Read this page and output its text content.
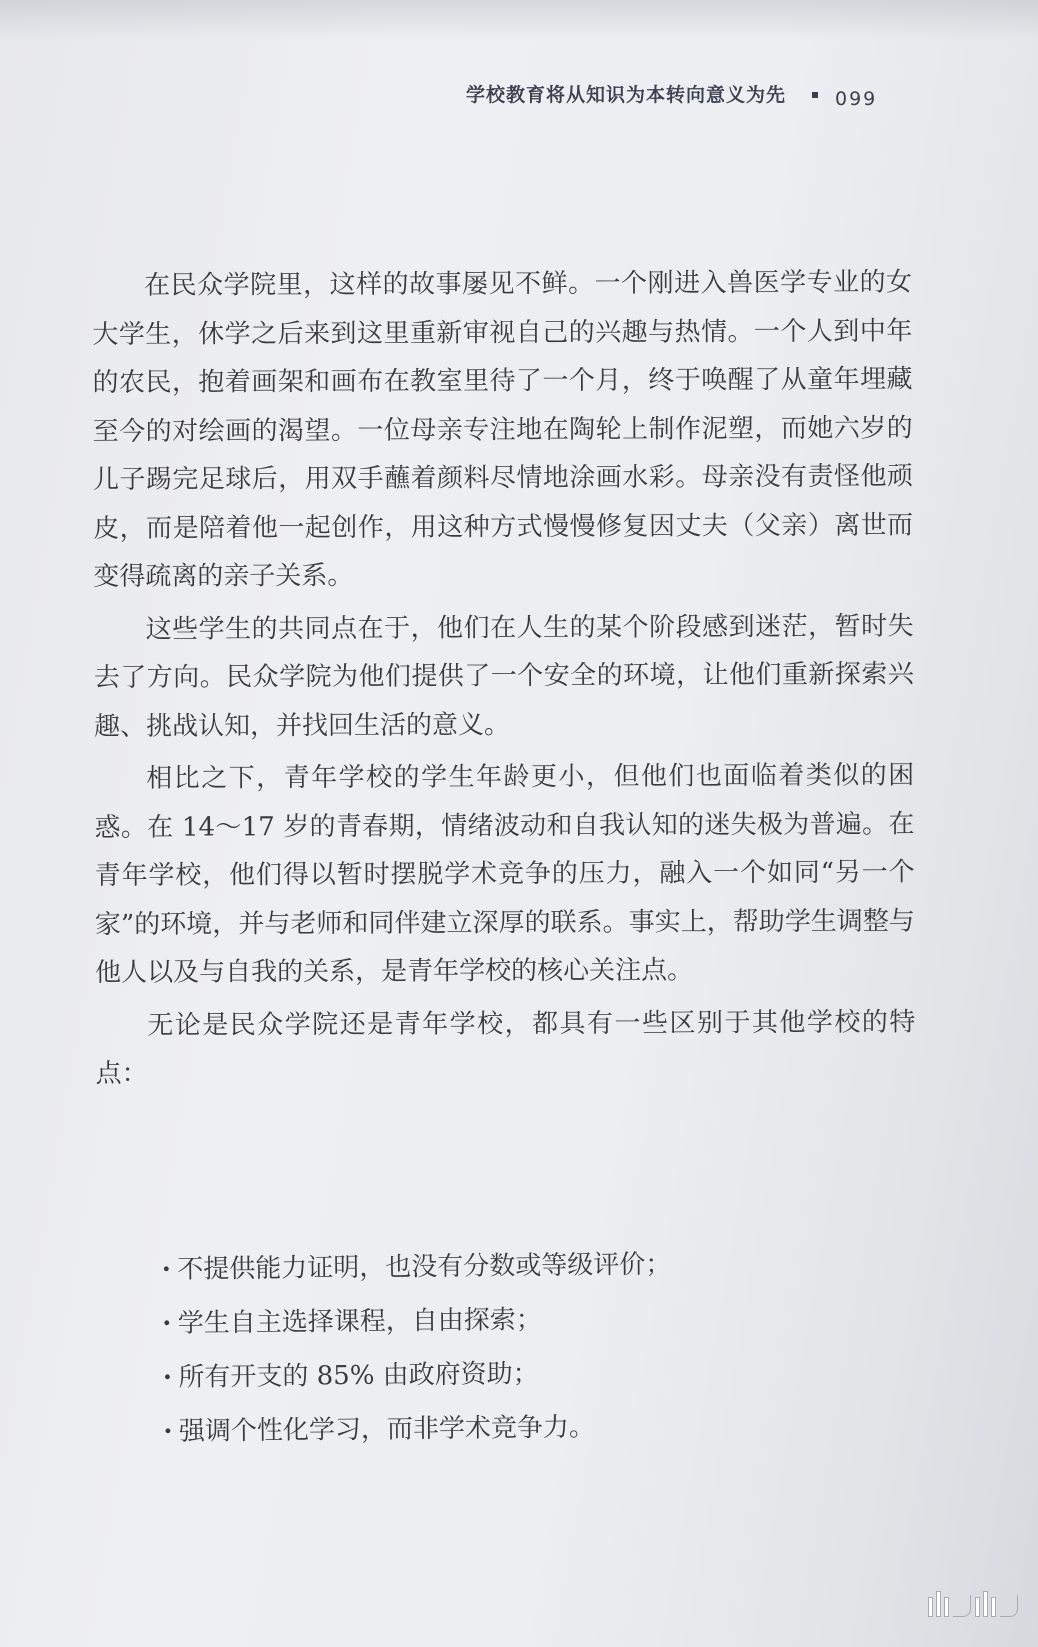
学校教育将从知识为本转向意义为先	099

在民众学院里，这样的故事屡见不鲜。一个刚进入兽医学专业的女大学生，休学之后来到这里重新审视自己的兴趣与热情。一个人到中年的农民，抱着画架和画布在教室里待了一个月，终于唤醒了从童年埋藏至今的对绘画的渴望。一位母亲专注地在陶轮上制作泥塑，而她六岁的儿子踢完足球后，用双手蘸着颜料尽情地涂画水彩。母亲没有责怪他顽皮，而是陪着他一起创作，用这种方式慢慢修复因丈夫（父亲）离世而变得疏离的亲子关系。

这些学生的共同点在于，他们在人生的某个阶段感到迷茫，暂时失去了方向。民众学院为他们提供了一个安全的环境，让他们重新探索兴趣、挑战认知，并找回生活的意义。

相比之下，青年学校的学生年龄更小，但他们也面临着类似的困惑。在 14～17 岁的青春期，情绪波动和自我认知的迷失极为普遍。在青年学校，他们得以暂时摆脱学术竞争的压力，融入一个如同“另一个家”的环境，并与老师和同伴建立深厚的联系。事实上，帮助学生调整与他人以及与自我的关系，是青年学校的核心关注点。

无论是民众学院还是青年学校，都具有一些区别于其他学校的特点：

· 不提供能力证明，也没有分数或等级评价；
· 学生自主选择课程，自由探索；
· 所有开支的 85% 由政府资助；
· 强调个性化学习，而非学术竞争力。
